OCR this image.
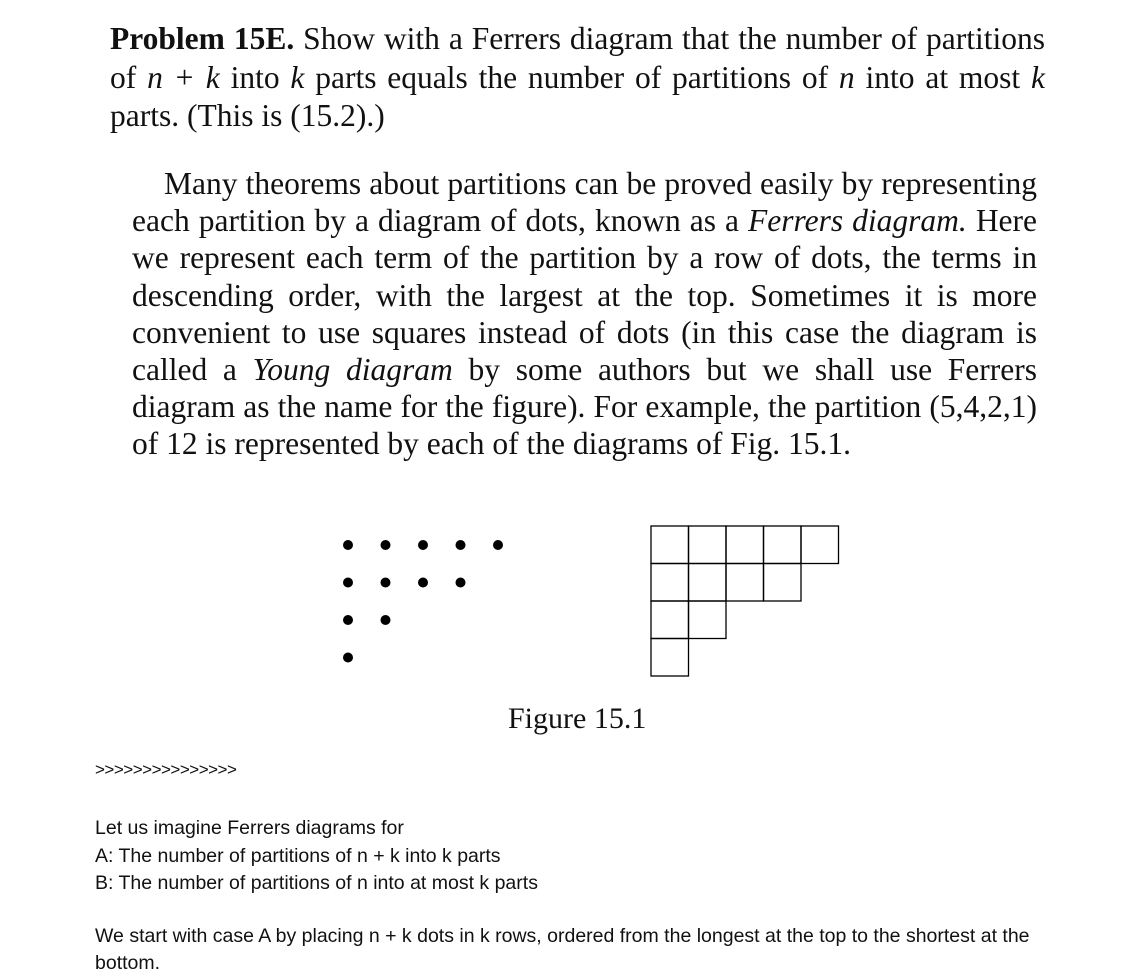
Problem 15E. Show with a Ferrers diagram that the number of partitions of n + k into k parts equals the number of partitions of n into at most k parts. (This is (15.2).)
Many theorems about partitions can be proved easily by representing each partition by a diagram of dots, known as a Ferrers diagram. Here we represent each term of the partition by a row of dots, the terms in descending order, with the largest at the top. Sometimes it is more convenient to use squares instead of dots (in this case the diagram is called a Young diagram by some authors but we shall use Ferrers diagram as the name for the figure). For example, the partition (5,4,2,1) of 12 is represented by each of the diagrams of Fig. 15.1.
Figure 15.1
>>>>>>>>>>>>>>>

Let us imagine Ferrers diagrams for

A: The number of partitions of n + k into k parts

B: The number of partitions of n into at most k parts

We start with case A by placing n + k dots in k rows, ordered from the longest at the top to the shortest at the bottom.
